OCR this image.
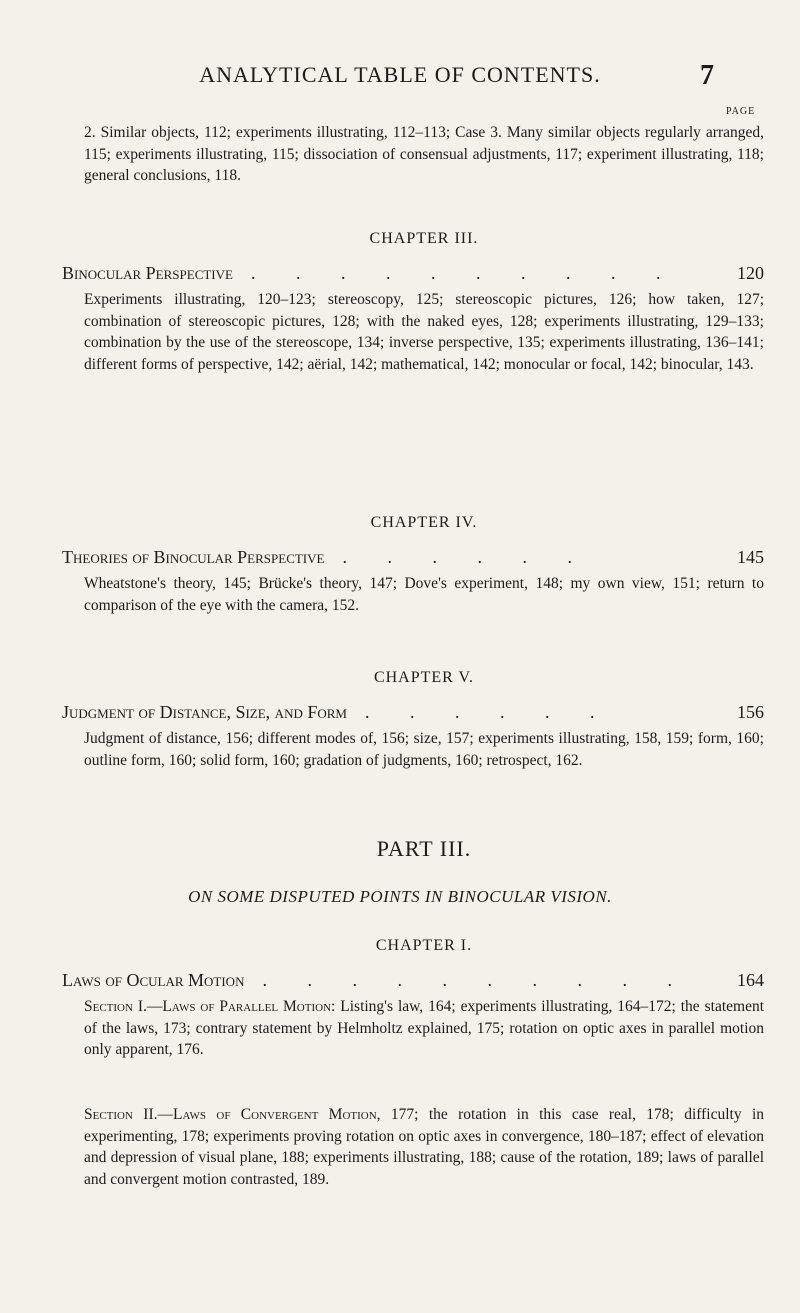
ANALYTICAL TABLE OF CONTENTS.	7
PAGE

2. Similar objects, 112; experiments illustrating, 112–113; Case 3. Many similar objects regularly arranged, 115; experiments illustrating, 115; dissociation of consensual adjustments, 117; experiment illustrating, 118; general conclusions, 118.

CHAPTER III.

Binocular Perspective	. . . . . . . . . .	120

Experiments illustrating, 120–123; stereoscopy, 125; stereoscopic pictures, 126; how taken, 127; combination of stereoscopic pictures, 128; with the naked eyes, 128; experiments illustrating, 129–133; combination by the use of the stereoscope, 134; inverse perspective, 135; experiments illustrating, 136–141; different forms of perspective, 142; aërial, 142; mathematical, 142; monocular or focal, 142; binocular, 143.

CHAPTER IV.

Theories of Binocular Perspective	. . . . . .	145

Wheatstone's theory, 145; Brücke's theory, 147; Dove's experiment, 148; my own view, 151; return to comparison of the eye with the camera, 152.

CHAPTER V.

Judgment of Distance, Size, and Form	. . . . . .	156

Judgment of distance, 156; different modes of, 156; size, 157; experiments illustrating, 158, 159; form, 160; outline form, 160; solid form, 160; gradation of judgments, 160; retrospect, 162.

PART III.

ON SOME DISPUTED POINTS IN BINOCULAR VISION.

CHAPTER I.

Laws of Ocular Motion	. . . . . . . . . .	164

Section I.—Laws of Parallel Motion: Listing's law, 164; experiments illustrating, 164–172; the statement of the laws, 173; contrary statement by Helmholtz explained, 175; rotation on optic axes in parallel motion only apparent, 176.

Section II.—Laws of Convergent Motion, 177; the rotation in this case real, 178; difficulty in experimenting, 178; experiments proving rotation on optic axes in convergence, 180–187; effect of elevation and depression of visual plane, 188; experiments illustrating, 188; cause of the rotation, 189; laws of parallel and convergent motion contrasted, 189.
